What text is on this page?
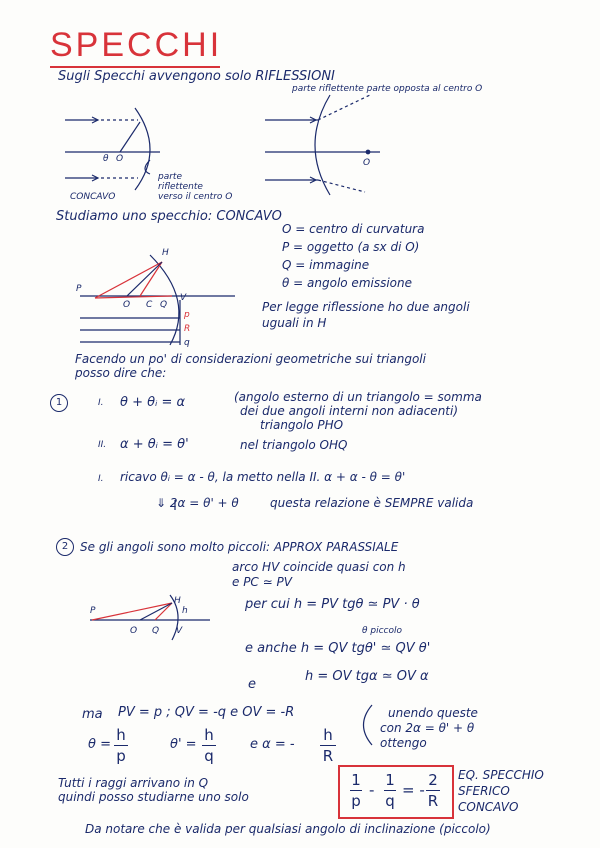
SPECCHI
Sugli Specchi avvengono solo RIFLESSIONI
CONCAVO
parte
riflettente
verso il centro O
O
θ
parte riflettente parte opposta al centro O
O
Studiamo uno specchio: CONCAVO
O = centro di curvatura
P = oggetto (a sx di O)
Q = immagine
θ = angolo emissione
Per legge riflessione ho due angoli
uguali in H
H
P
O C Q
V
p
R
q
Facendo un po' di considerazioni geometriche sui triangoli
posso dire che:
1	I. θ + θᵢ = α	(angolo esterno di un triangolo = somma
dei due angoli interni non adiacenti)
triangolo PHO
II. α + θᵢ = θ'	nel triangolo OHQ
I. ricavo θᵢ = α - θ, la metto nella II. α + α - θ = θ'
⇓ 2α = θ' + θ	questa relazione è SEMPRE valida
2 Se gli angoli sono molto piccoli: APPROX PARASSIALE
arco HV coincide quasi con h
e PC ≃ PV
P
H
h
O Q V
per cui h = PV tgθ ≃ PV · θ
θ piccolo
e anche h = QV tgθ' ≃ QV θ'
e
h = OV tgα ≃ OV α
ma PV = p ; QV = -q e OV = -R
θ =
h
p
θ' =
h
q
e α = -
h
R
unendo queste
con 2α = θ' + θ
ottengo
Tutti i raggi arrivano in Q
quindi posso studiarne uno solo
1
p
-
1
q
= -
2
R
EQ. SPECCHIO
SFERICO
CONCAVO
Da notare che è valida per qualsiasi angolo di inclinazione (piccolo)
